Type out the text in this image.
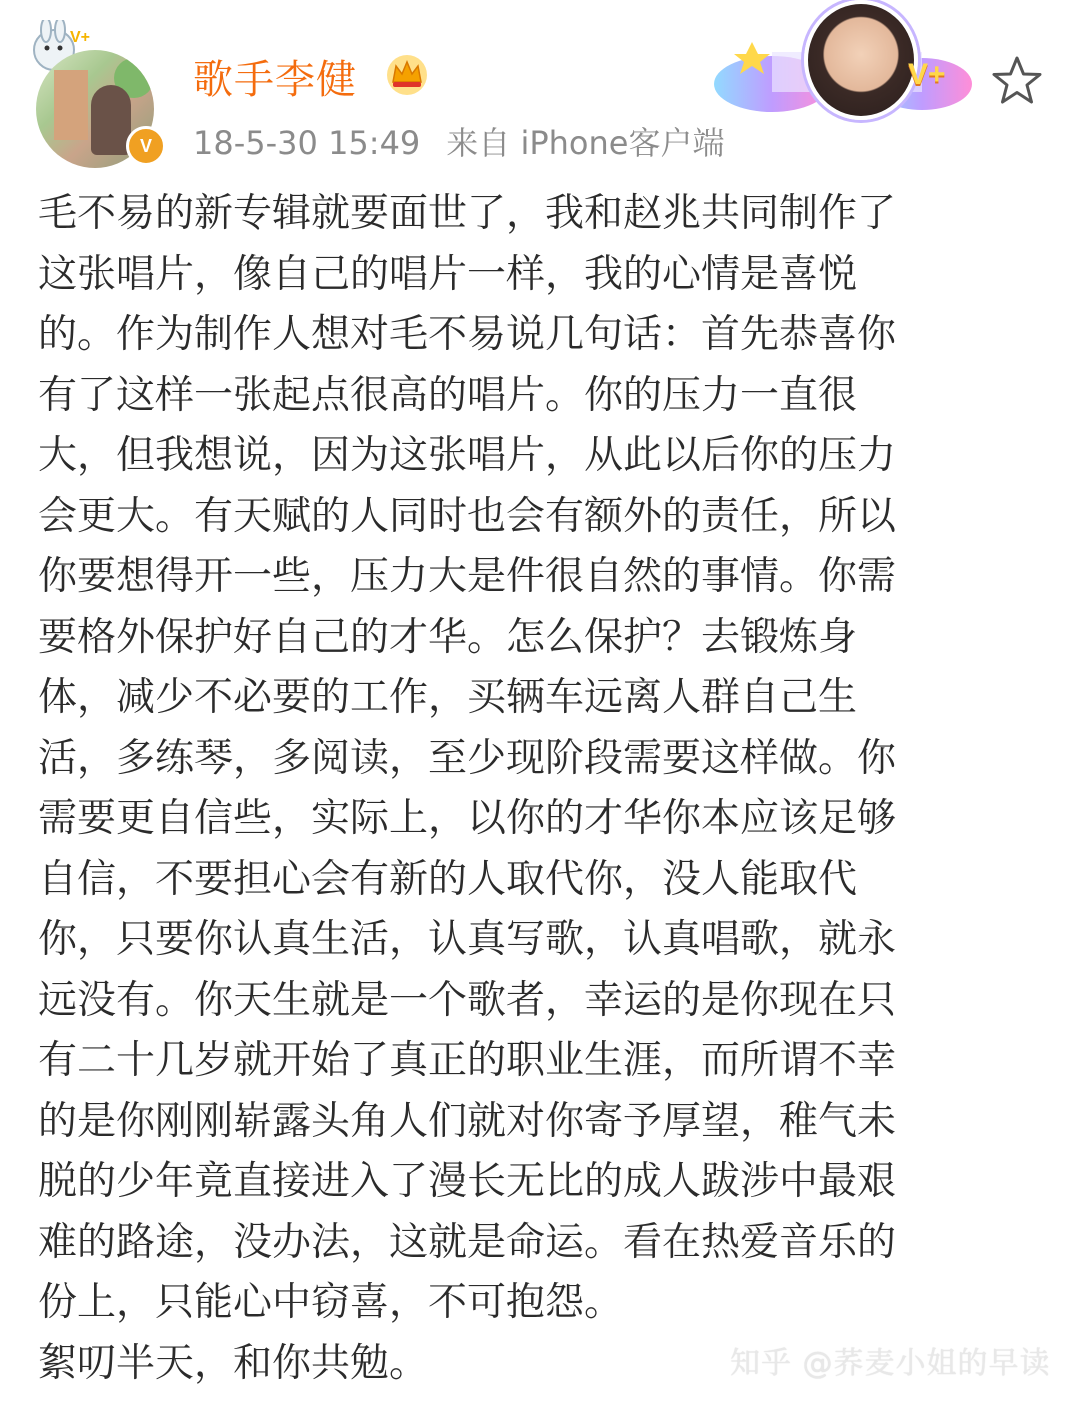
V+
V
歌手李健
18-5-30 15:49 来自 iPhone客户端
V+
毛不易的新专辑就要面世了，我和赵兆共同制作了
这张唱片，像自己的唱片一样，我的心情是喜悦
的。作为制作人想对毛不易说几句话：首先恭喜你
有了这样一张起点很高的唱片。你的压力一直很
大，但我想说，因为这张唱片，从此以后你的压力
会更大。有天赋的人同时也会有额外的责任，所以
你要想得开一些，压力大是件很自然的事情。你需
要格外保护好自己的才华。怎么保护？去锻炼身
体，减少不必要的工作，买辆车远离人群自己生
活，多练琴，多阅读，至少现阶段需要这样做。你
需要更自信些，实际上，以你的才华你本应该足够
自信，不要担心会有新的人取代你，没人能取代
你，只要你认真生活，认真写歌，认真唱歌，就永
远没有。你天生就是一个歌者，幸运的是你现在只
有二十几岁就开始了真正的职业生涯，而所谓不幸
的是你刚刚崭露头角人们就对你寄予厚望，稚气未
脱的少年竟直接进入了漫长无比的成人跋涉中最艰
难的路途，没办法，这就是命运。看在热爱音乐的
份上，只能心中窃喜，不可抱怨。
絮叨半天，和你共勉。	知乎 @荞麦小姐的早读
